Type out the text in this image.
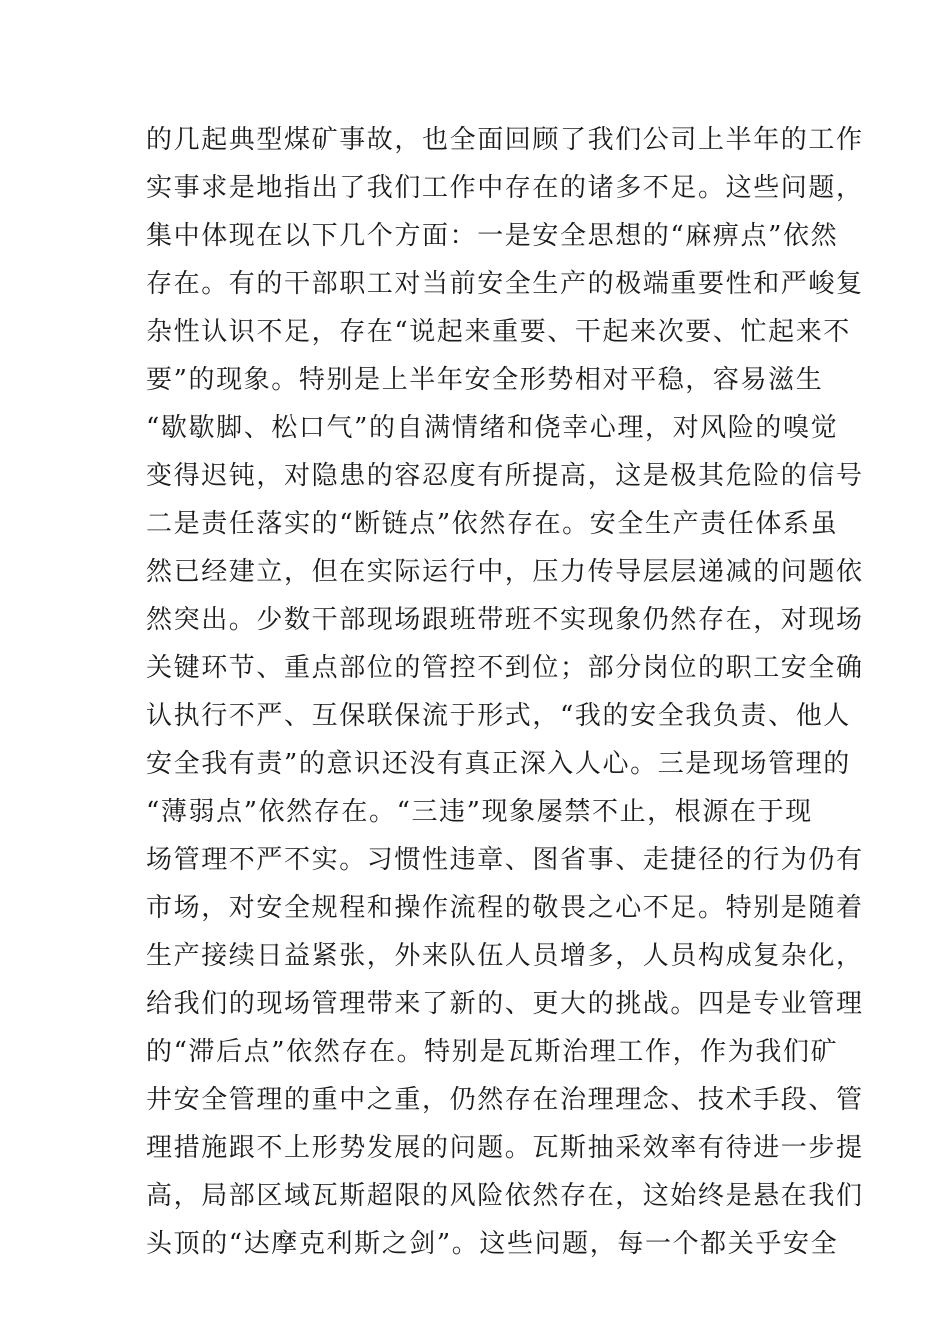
的几起典型煤矿事故，也全面回顾了我们公司上半年的工作
实事求是地指出了我们工作中存在的诸多不足。这些问题，
集中体现在以下几个方面：一是安全思想的“麻痹点”依然
存在。有的干部职工对当前安全生产的极端重要性和严峻复
杂性认识不足，存在“说起来重要、干起来次要、忙起来不
要”的现象。特别是上半年安全形势相对平稳，容易滋生
“歇歇脚、松口气”的自满情绪和侥幸心理，对风险的嗅觉
变得迟钝，对隐患的容忍度有所提高，这是极其危险的信号
二是责任落实的“断链点”依然存在。安全生产责任体系虽
然已经建立，但在实际运行中，压力传导层层递减的问题依
然突出。少数干部现场跟班带班不实现象仍然存在，对现场
关键环节、重点部位的管控不到位；部分岗位的职工安全确
认执行不严、互保联保流于形式，“我的安全我负责、他人
安全我有责”的意识还没有真正深入人心。三是现场管理的
“薄弱点”依然存在。“三违”现象屡禁不止，根源在于现
场管理不严不实。习惯性违章、图省事、走捷径的行为仍有
市场，对安全规程和操作流程的敬畏之心不足。特别是随着
生产接续日益紧张，外来队伍人员增多，人员构成复杂化，
给我们的现场管理带来了新的、更大的挑战。四是专业管理
的“滞后点”依然存在。特别是瓦斯治理工作，作为我们矿
井安全管理的重中之重，仍然存在治理理念、技术手段、管
理措施跟不上形势发展的问题。瓦斯抽采效率有待进一步提
高，局部区域瓦斯超限的风险依然存在，这始终是悬在我们
头顶的“达摩克利斯之剑”。这些问题，每一个都关乎安全
